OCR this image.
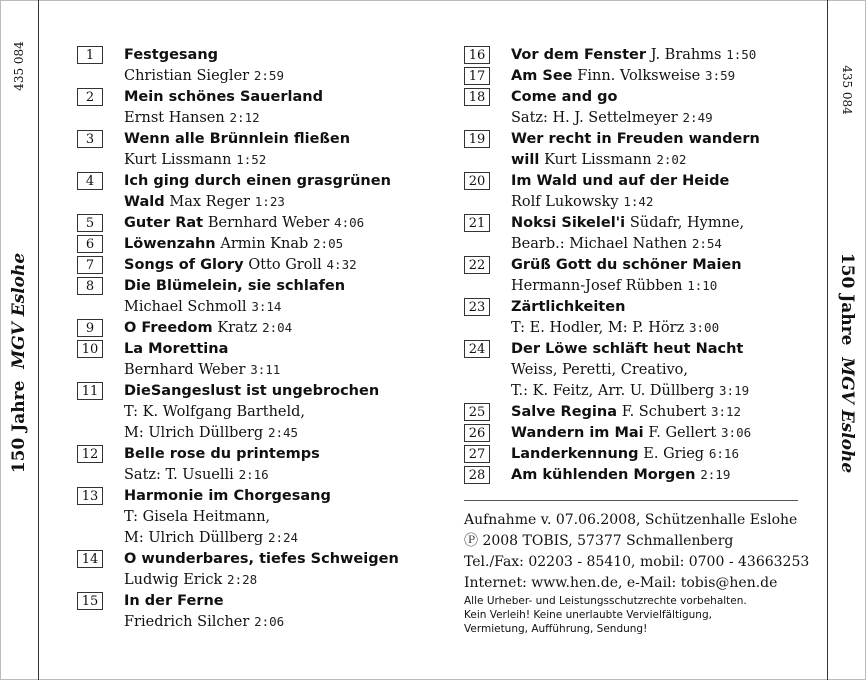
435 084
150 Jahre  MGV Eslohe
435 084
150 Jahre  MGV Eslohe
1	Festgesang
Christian Siegler 2:59
2	Mein schönes Sauerland
Ernst Hansen 2:12
3	Wenn alle Brünnlein fließen
Kurt Lissmann 1:52
4	Ich ging durch einen grasgrünen
Wald Max Reger 1:23
5	Guter Rat Bernhard Weber 4:06
6	Löwenzahn Armin Knab 2:05
7	Songs of Glory Otto Groll 4:32
8	Die Blümelein, sie schlafen
Michael Schmoll 3:14
9	O Freedom Kratz 2:04
10	La Morettina
Bernhard Weber 3:11
11	DieSangeslust ist ungebrochen
T: K. Wolfgang Bartheld,
M: Ulrich Düllberg 2:45
12	Belle rose du printemps
Satz: T. Usuelli 2:16
13	Harmonie im Chorgesang
T: Gisela Heitmann,
M: Ulrich Düllberg 2:24
14	O wunderbares, tiefes Schweigen
Ludwig Erick 2:28
15	In der Ferne
Friedrich Silcher 2:06
16	Vor dem Fenster J. Brahms 1:50
17	Am See Finn. Volksweise 3:59
18	Come and go
Satz: H. J. Settelmeyer 2:49
19	Wer recht in Freuden wandern
will Kurt Lissmann 2:02
20	Im Wald und auf der Heide
Rolf Lukowsky 1:42
21	Noksi Sikelel'i Südafr, Hymne,
Bearb.: Michael Nathen 2:54
22	Grüß Gott du schöner Maien
Hermann-Josef Rübben 1:10
23	Zärtlichkeiten
T: E. Hodler, M: P. Hörz 3:00
24	Der Löwe schläft heut Nacht
Weiss, Peretti, Creativo,
T.: K. Feitz, Arr. U. Düllberg 3:19
25	Salve Regina F. Schubert 3:12
26	Wandern im Mai F. Gellert 3:06
27	Landerkennung E. Grieg 6:16
28	Am kühlenden Morgen 2:19
Aufnahme v. 07.06.2008, Schützenhalle Eslohe
Ⓟ 2008 TOBIS, 57377 Schmallenberg
Tel./Fax: 02203 - 85410, mobil: 0700 - 43663253
Internet: www.hen.de, e-Mail: tobis@hen.de
Alle Urheber- und Leistungsschutzrechte vorbehalten.
Kein Verleih! Keine unerlaubte Vervielfältigung,
Vermietung, Aufführung, Sendung!
